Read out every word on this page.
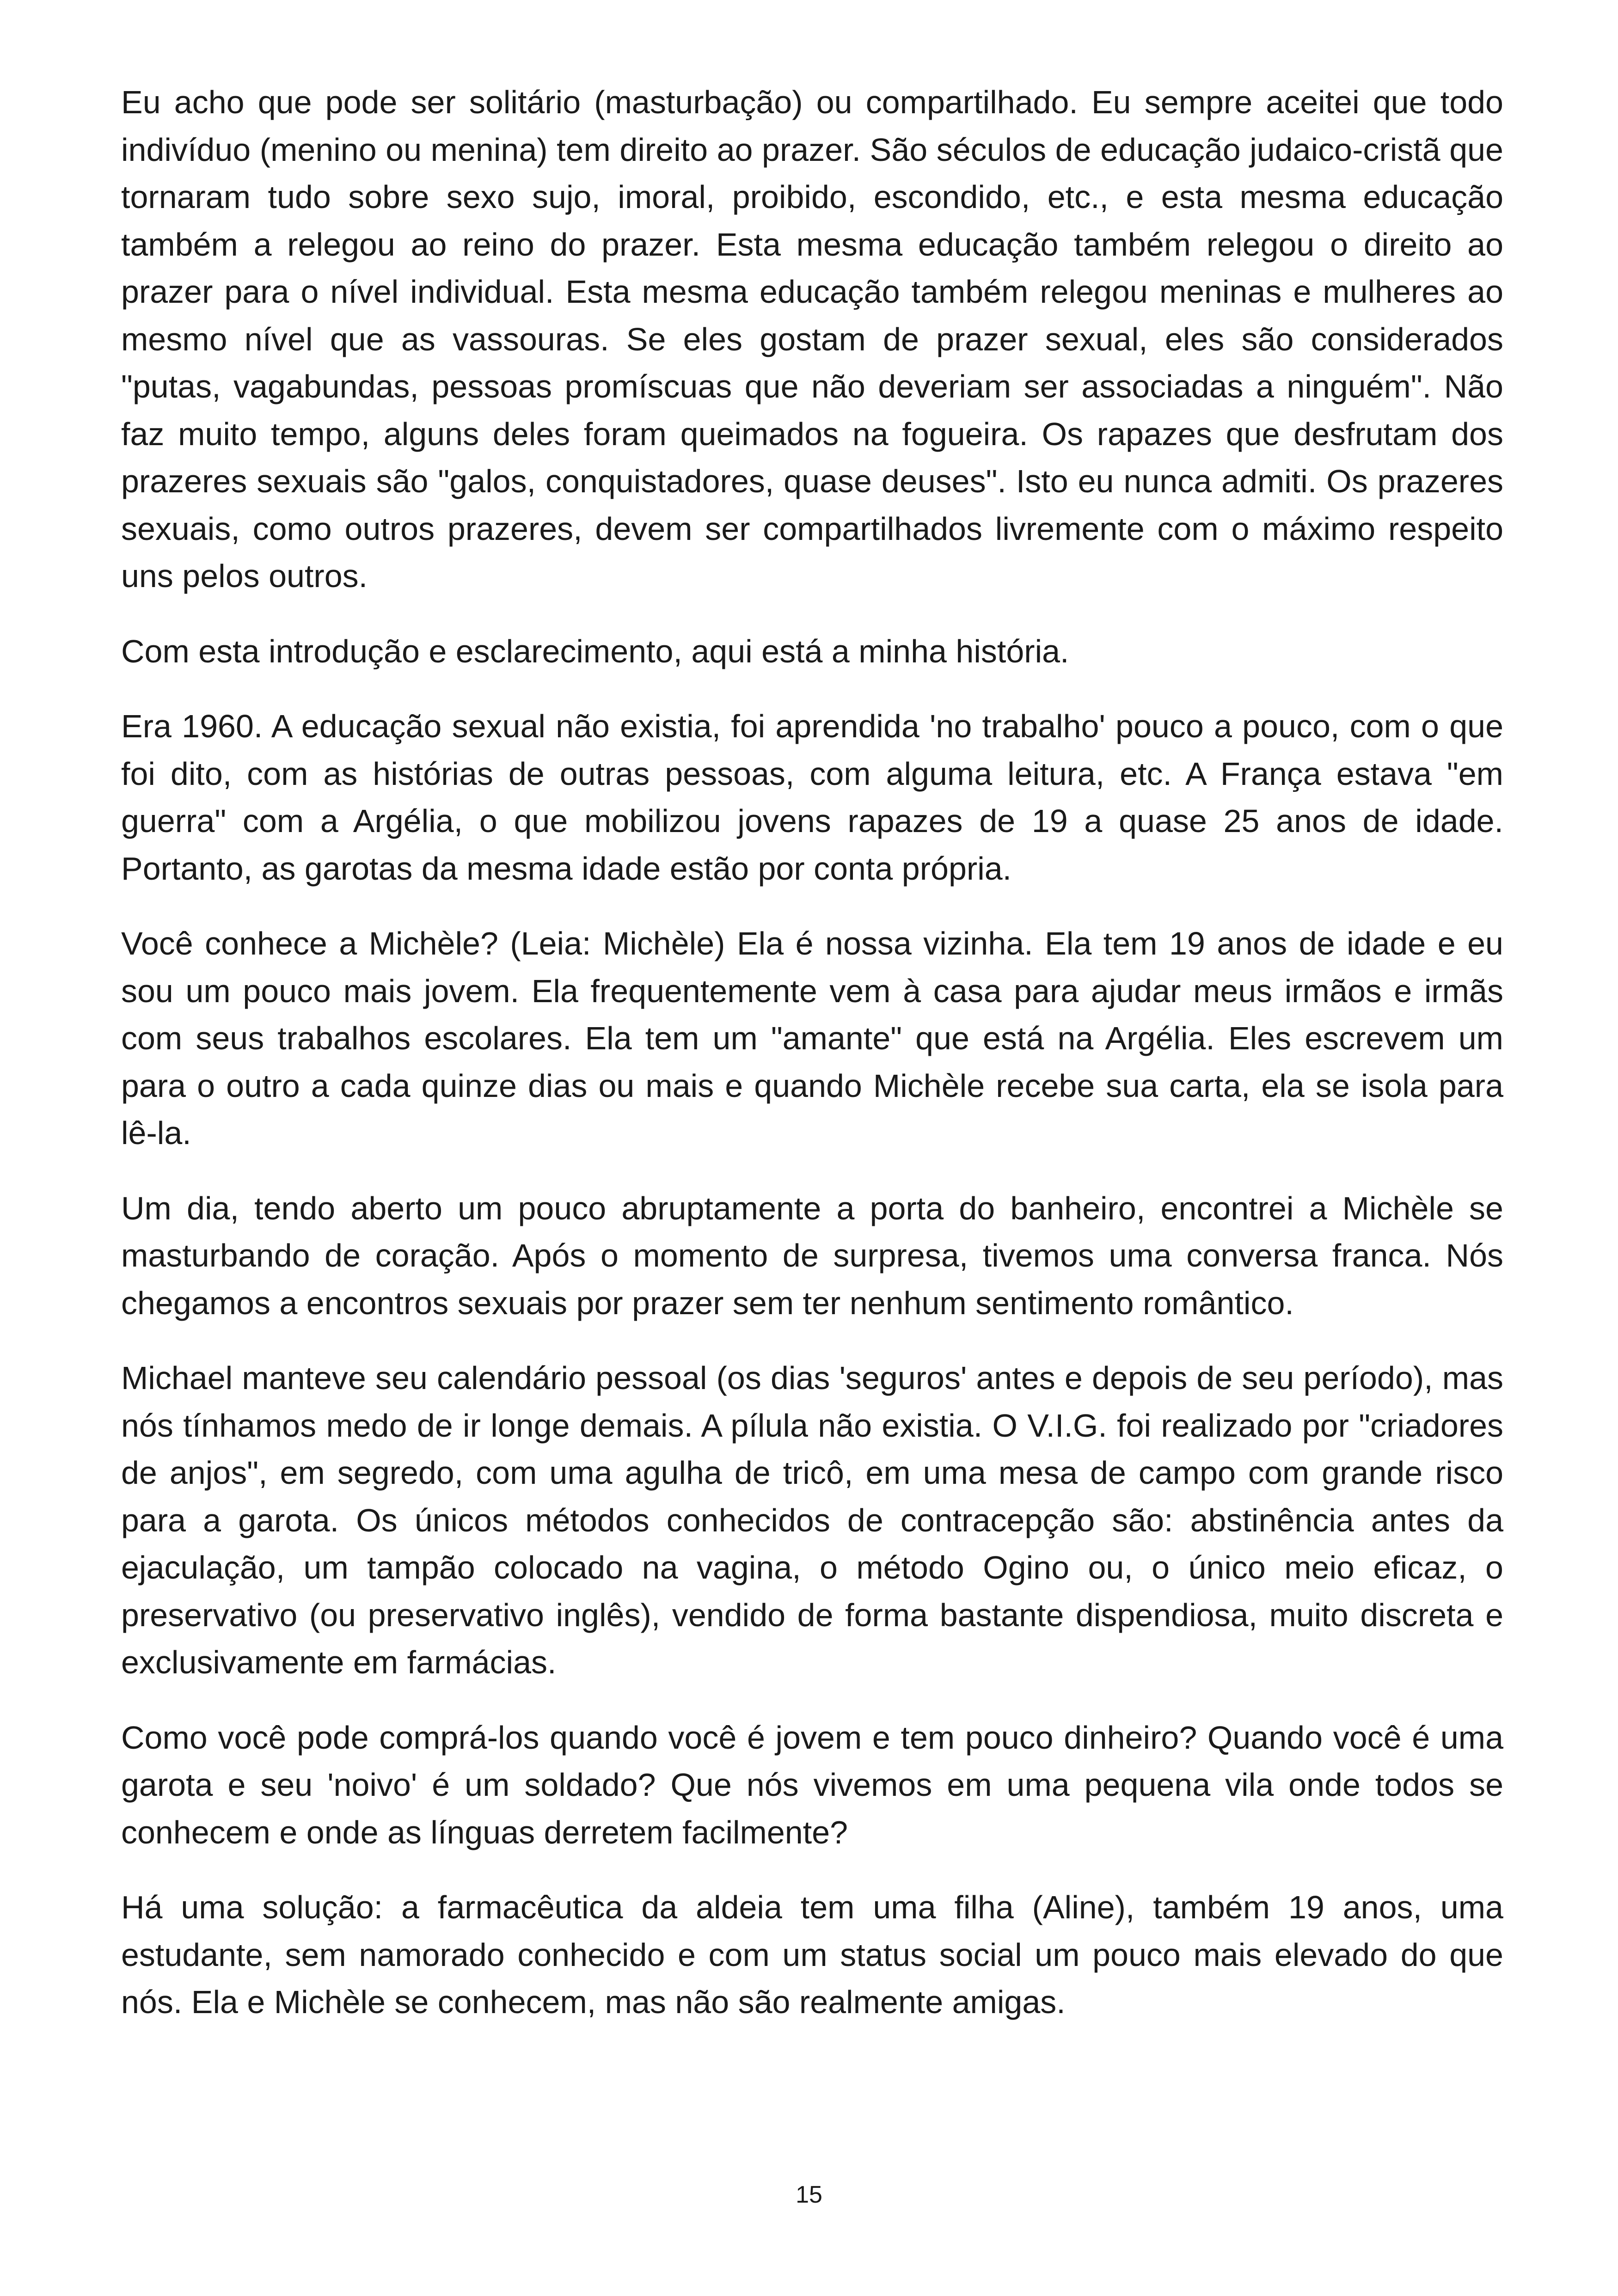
Eu acho que pode ser solitário (masturbação) ou compartilhado. Eu sempre aceitei que todo indivíduo (menino ou menina) tem direito ao prazer. São séculos de educação judaico-cristã que tornaram tudo sobre sexo sujo, imoral, proibido, escondido, etc., e esta mesma educação também a relegou ao reino do prazer. Esta mesma educação também relegou o direito ao prazer para o nível individual. Esta mesma educação também relegou meninas e mulheres ao mesmo nível que as vassouras. Se eles gostam de prazer sexual, eles são considerados "putas, vagabundas, pessoas promíscuas que não deveriam ser associadas a ninguém". Não faz muito tempo, alguns deles foram queimados na fogueira. Os rapazes que desfrutam dos prazeres sexuais são "galos, conquistadores, quase deuses". Isto eu nunca admiti. Os prazeres sexuais, como outros prazeres, devem ser compartilhados livremente com o máximo respeito uns pelos outros.

Com esta introdução e esclarecimento, aqui está a minha história.

Era 1960. A educação sexual não existia, foi aprendida 'no trabalho' pouco a pouco, com o que foi dito, com as histórias de outras pessoas, com alguma leitura, etc. A França estava "em guerra" com a Argélia, o que mobilizou jovens rapazes de 19 a quase 25 anos de idade. Portanto, as garotas da mesma idade estão por conta própria.

Você conhece a Michèle? (Leia: Michèle) Ela é nossa vizinha. Ela tem 19 anos de idade e eu sou um pouco mais jovem. Ela frequentemente vem à casa para ajudar meus irmãos e irmãs com seus trabalhos escolares. Ela tem um "amante" que está na Argélia. Eles escrevem um para o outro a cada quinze dias ou mais e quando Michèle recebe sua carta, ela se isola para lê-la.

Um dia, tendo aberto um pouco abruptamente a porta do banheiro, encontrei a Michèle se masturbando de coração. Após o momento de surpresa, tivemos uma conversa franca. Nós chegamos a encontros sexuais por prazer sem ter nenhum sentimento romântico.

Michael manteve seu calendário pessoal (os dias 'seguros' antes e depois de seu período), mas nós tínhamos medo de ir longe demais. A pílula não existia. O V.I.G. foi realizado por "criadores de anjos", em segredo, com uma agulha de tricô, em uma mesa de campo com grande risco para a garota. Os únicos métodos conhecidos de contracepção são: abstinência antes da ejaculação, um tampão colocado na vagina, o método Ogino ou, o único meio eficaz, o preservativo (ou preservativo inglês), vendido de forma bastante dispendiosa, muito discreta e exclusivamente em farmácias.

Como você pode comprá-los quando você é jovem e tem pouco dinheiro? Quando você é uma garota e seu 'noivo' é um soldado? Que nós vivemos em uma pequena vila onde todos se conhecem e onde as línguas derretem facilmente?

Há uma solução: a farmacêutica da aldeia tem uma filha (Aline), também 19 anos, uma estudante, sem namorado conhecido e com um status social um pouco mais elevado do que nós. Ela e Michèle se conhecem, mas não são realmente amigas.

15
